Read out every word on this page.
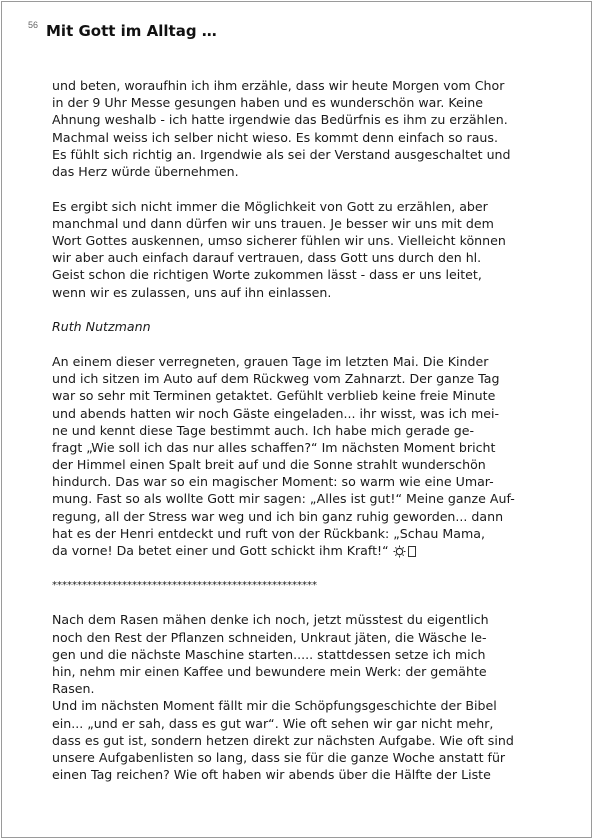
56 Mit Gott im Alltag …
und beten, woraufhin ich ihm erzähle, dass wir heute Morgen vom Chor
in der 9 Uhr Messe gesungen haben und es wunderschön war. Keine
Ahnung weshalb - ich hatte irgendwie das Bedürfnis es ihm zu erzählen.
Machmal weiss ich selber nicht wieso. Es kommt denn einfach so raus.
Es fühlt sich richtig an. Irgendwie als sei der Verstand ausgeschaltet und
das Herz würde übernehmen.
Es ergibt sich nicht immer die Möglichkeit von Gott zu erzählen, aber
manchmal und dann dürfen wir uns trauen. Je besser wir uns mit dem
Wort Gottes auskennen, umso sicherer fühlen wir uns. Vielleicht können
wir aber auch einfach darauf vertrauen, dass Gott uns durch den hl.
Geist schon die richtigen Worte zukommen lässt - dass er uns leitet,
wenn wir es zulassen, uns auf ihn einlassen.
Ruth Nutzmann
An einem dieser verregneten, grauen Tage im letzten Mai. Die Kinder
und ich sitzen im Auto auf dem Rückweg vom Zahnarzt. Der ganze Tag
war so sehr mit Terminen getaktet. Gefühlt verblieb keine freie Minute
und abends hatten wir noch Gäste eingeladen... ihr wisst, was ich mei-
ne und kennt diese Tage bestimmt auch. Ich habe mich gerade ge-
fragt „Wie soll ich das nur alles schaffen?“ Im nächsten Moment bricht
der Himmel einen Spalt breit auf und die Sonne strahlt wunderschön
hindurch. Das war so ein magischer Moment: so warm wie eine Umar-
mung. Fast so als wollte Gott mir sagen: „Alles ist gut!“ Meine ganze Auf-
regung, all der Stress war weg und ich bin ganz ruhig geworden... dann
hat es der Henri entdeckt und ruft von der Rückbank: „Schau Mama,
da vorne! Da betet einer und Gott schickt ihm Kraft!“
*****************************************************
Nach dem Rasen mähen denke ich noch, jetzt müsstest du eigentlich
noch den Rest der Pflanzen schneiden, Unkraut jäten, die Wäsche le-
gen und die nächste Maschine starten..... stattdessen setze ich mich
hin, nehm mir einen Kaffee und bewundere mein Werk: der gemähte
Rasen.
Und im nächsten Moment fällt mir die Schöpfungsgeschichte der Bibel
ein... „und er sah, dass es gut war“. Wie oft sehen wir gar nicht mehr,
dass es gut ist, sondern hetzen direkt zur nächsten Aufgabe. Wie oft sind
unsere Aufgabenlisten so lang, dass sie für die ganze Woche anstatt für
einen Tag reichen? Wie oft haben wir abends über die Hälfte der Liste
